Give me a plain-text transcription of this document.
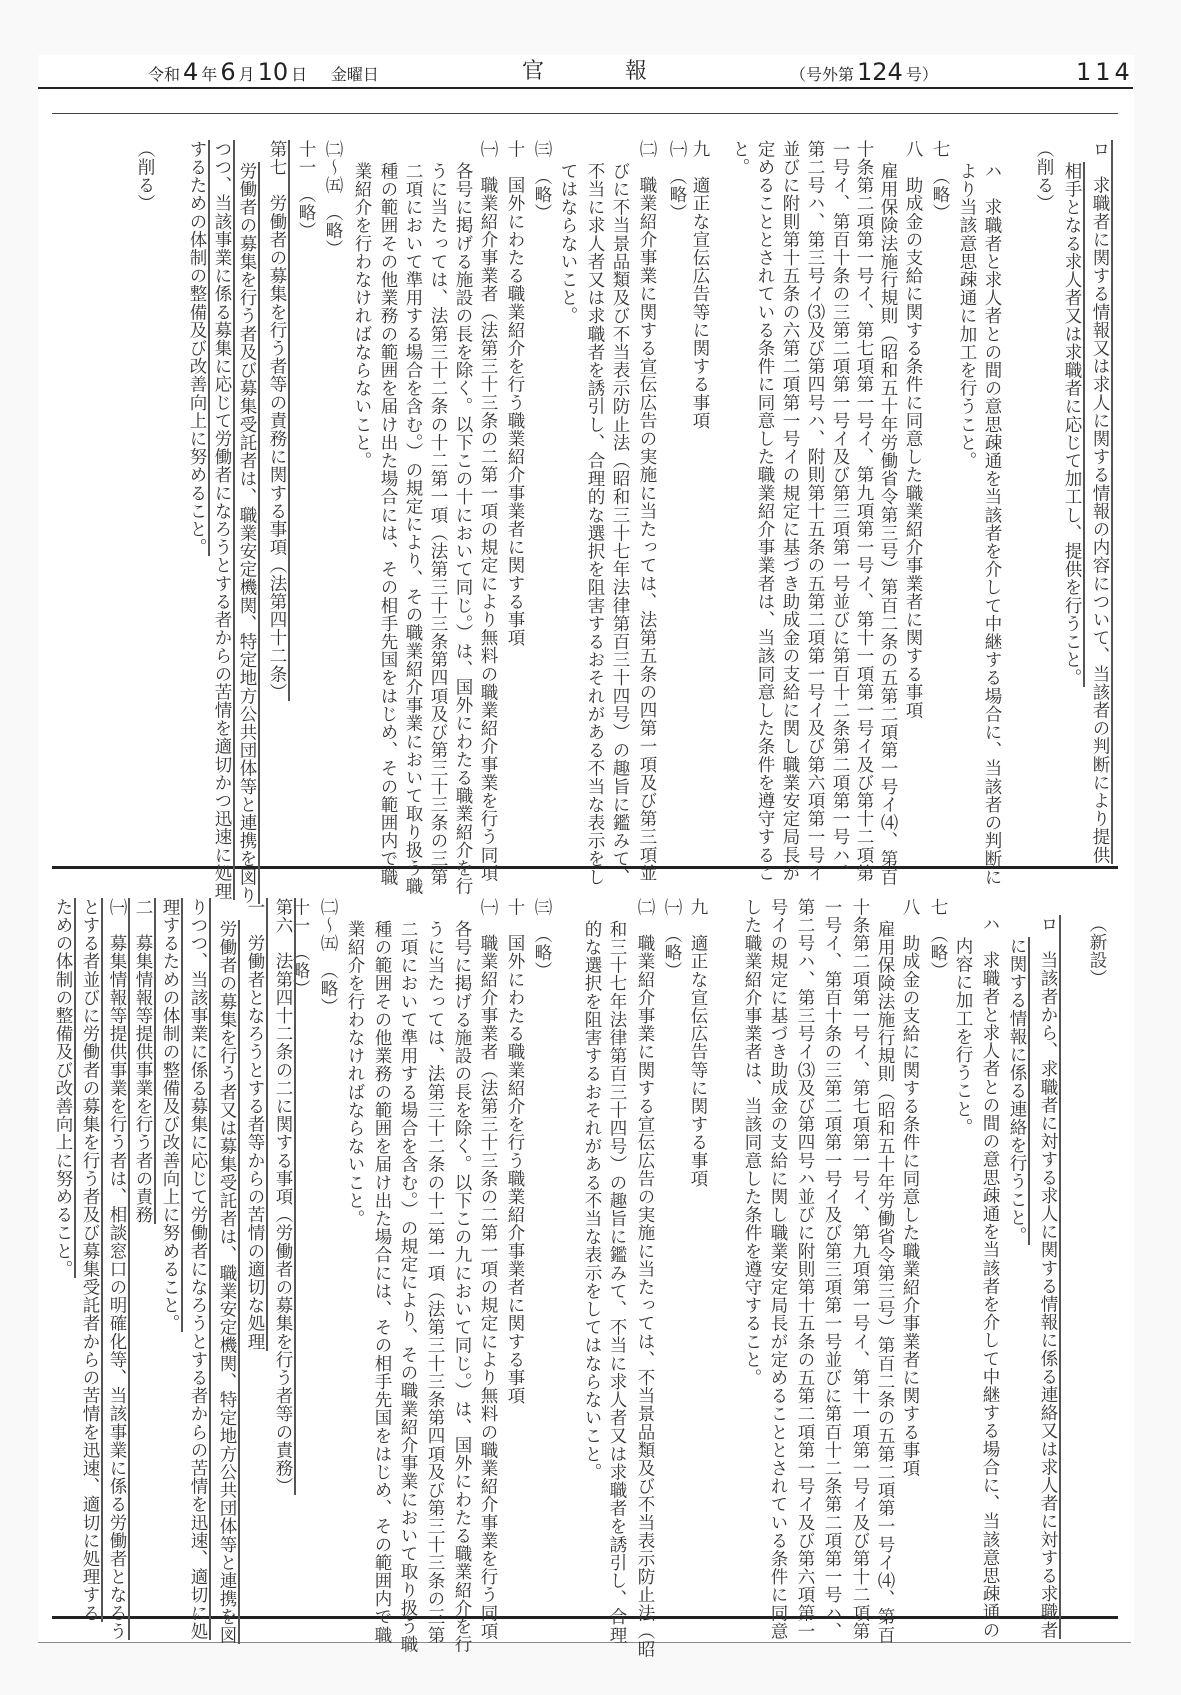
令和 4 年 6 月 10 日 金曜日	官	報	（号外第 124 号）	114
ロ　求職者に関する情報又は求人に関する情報の内容について、当該者の判断により提供
相手となる求人者又は求職者に応じて加工し、提供を行うこと。
（削る）
ハ　求職者と求人者との間の意思疎通を当該者を介して中継する場合に、当該者の判断に
より当該意思疎通に加工を行うこと。
七　（略）
八　助成金の支給に関する条件に同意した職業紹介事業者に関する事項
雇用保険法施行規則（昭和五十年労働省令第三号）第百二条の五第二項第一号イ⑷、第百
十条第二項第一号イ、第七項第一号イ、第九項第一号イ、第十一項第一号イ及び第十二項第
一号イ、第百十条の三第二項第一号イ及び第三項第一号並びに第百十二条第二項第一号ハ、
第二号ハ、第三号イ⑶及び第四号ハ、附則第十五条の五第二項第一号イ及び第六項第一号イ
並びに附則第十五条の六第二項第一号イの規定に基づき助成金の支給に関し職業安定局長が
定めることとされている条件に同意した職業紹介事業者は、当該同意した条件を遵守するこ
と。
九　適正な宣伝広告等に関する事項
㈠　（略）
㈡　職業紹介事業に関する宣伝広告の実施に当たっては、法第五条の四第一項及び第三項並
びに不当景品類及び不当表示防止法（昭和三十七年法律第百三十四号）の趣旨に鑑みて、
不当に求人者又は求職者を誘引し、合理的な選択を阻害するおそれがある不当な表示をし
てはならないこと。
㈢　（略）
十　国外にわたる職業紹介を行う職業紹介事業者に関する事項
㈠　職業紹介事業者（法第三十三条の二第一項の規定により無料の職業紹介事業を行う同項
各号に掲げる施設の長を除く。以下この十において同じ。）は、国外にわたる職業紹介を行
うに当たっては、法第三十二条の十二第一項（法第三十三条第四項及び第三十三条の三第
二項において準用する場合を含む。）の規定により、その職業紹介事業において取り扱う職
種の範囲その他業務の範囲を届け出た場合には、その相手先国をはじめ、その範囲内で職
業紹介を行わなければならないこと。
㈡～㈤　（略）
十一　（略）
第七　労働者の募集を行う者等の責務に関する事項（法第四十二条）
労働者の募集を行う者及び募集受託者は、職業安定機関、特定地方公共団体等と連携を図り
つつ、当該事業に係る募集に応じて労働者になろうとする者からの苦情を適切かつ迅速に処理
するための体制の整備及び改善向上に努めること。
（削る）
（新設）
ロ　当該者から、求職者に対する求人に関する情報に係る連絡又は求人者に対する求職者
に関する情報に係る連絡を行うこと。
ハ　求職者と求人者との間の意思疎通を当該者を介して中継する場合に、当該意思疎通の
内容に加工を行うこと。
七　（略）
八　助成金の支給に関する条件に同意した職業紹介事業者に関する事項
雇用保険法施行規則（昭和五十年労働省令第三号）第百二条の五第二項第一号イ⑷、第百
十条第二項第一号イ、第七項第一号イ、第九項第一号イ、第十一項第一号イ及び第十二項第
一号イ、第百十条の三第二項第一号イ及び第三項第一号並びに第百十二条第二項第一号ハ、
第二号ハ、第三号イ⑶及び第四号ハ並びに附則第十五条の五第二項第一号イ及び第六項第一
号イの規定に基づき助成金の支給に関し職業安定局長が定めることとされている条件に同意
した職業紹介事業者は、当該同意した条件を遵守すること。
九　適正な宣伝広告等に関する事項
㈠　（略）
㈡　職業紹介事業に関する宣伝広告の実施に当たっては、不当景品類及び不当表示防止法（昭
和三十七年法律第百三十四号）の趣旨に鑑みて、不当に求人者又は求職者を誘引し、合理
的な選択を阻害するおそれがある不当な表示をしてはならないこと。
㈢　（略）
十　国外にわたる職業紹介を行う職業紹介事業者に関する事項
㈠　職業紹介事業者（法第三十三条の二第一項の規定により無料の職業紹介事業を行う同項
各号に掲げる施設の長を除く。以下この九において同じ。）は、国外にわたる職業紹介を行
うに当たっては、法第三十二条の十二第一項（法第三十三条第四項及び第三十三条の三第
二項において準用する場合を含む。）の規定により、その職業紹介事業において取り扱う職
種の範囲その他業務の範囲を届け出た場合には、その相手先国をはじめ、その範囲内で職
業紹介を行わなければならないこと。
㈡～㈤　（略）
十一　（略）
第六　法第四十二条の二に関する事項（労働者の募集を行う者等の責務）
一　労働者となろうとする者等からの苦情の適切な処理
労働者の募集を行う者又は募集受託者は、職業安定機関、特定地方公共団体等と連携を図
りつつ、当該事業に係る募集に応じて労働者になろうとする者からの苦情を迅速、適切に処
理するための体制の整備及び改善向上に努めること。
二　募集情報等提供事業を行う者の責務
㈠　募集情報等提供事業を行う者は、相談窓口の明確化等、当該事業に係る労働者となろう
とする者並びに労働者の募集を行う者及び募集受託者からの苦情を迅速、適切に処理する
ための体制の整備及び改善向上に努めること。
